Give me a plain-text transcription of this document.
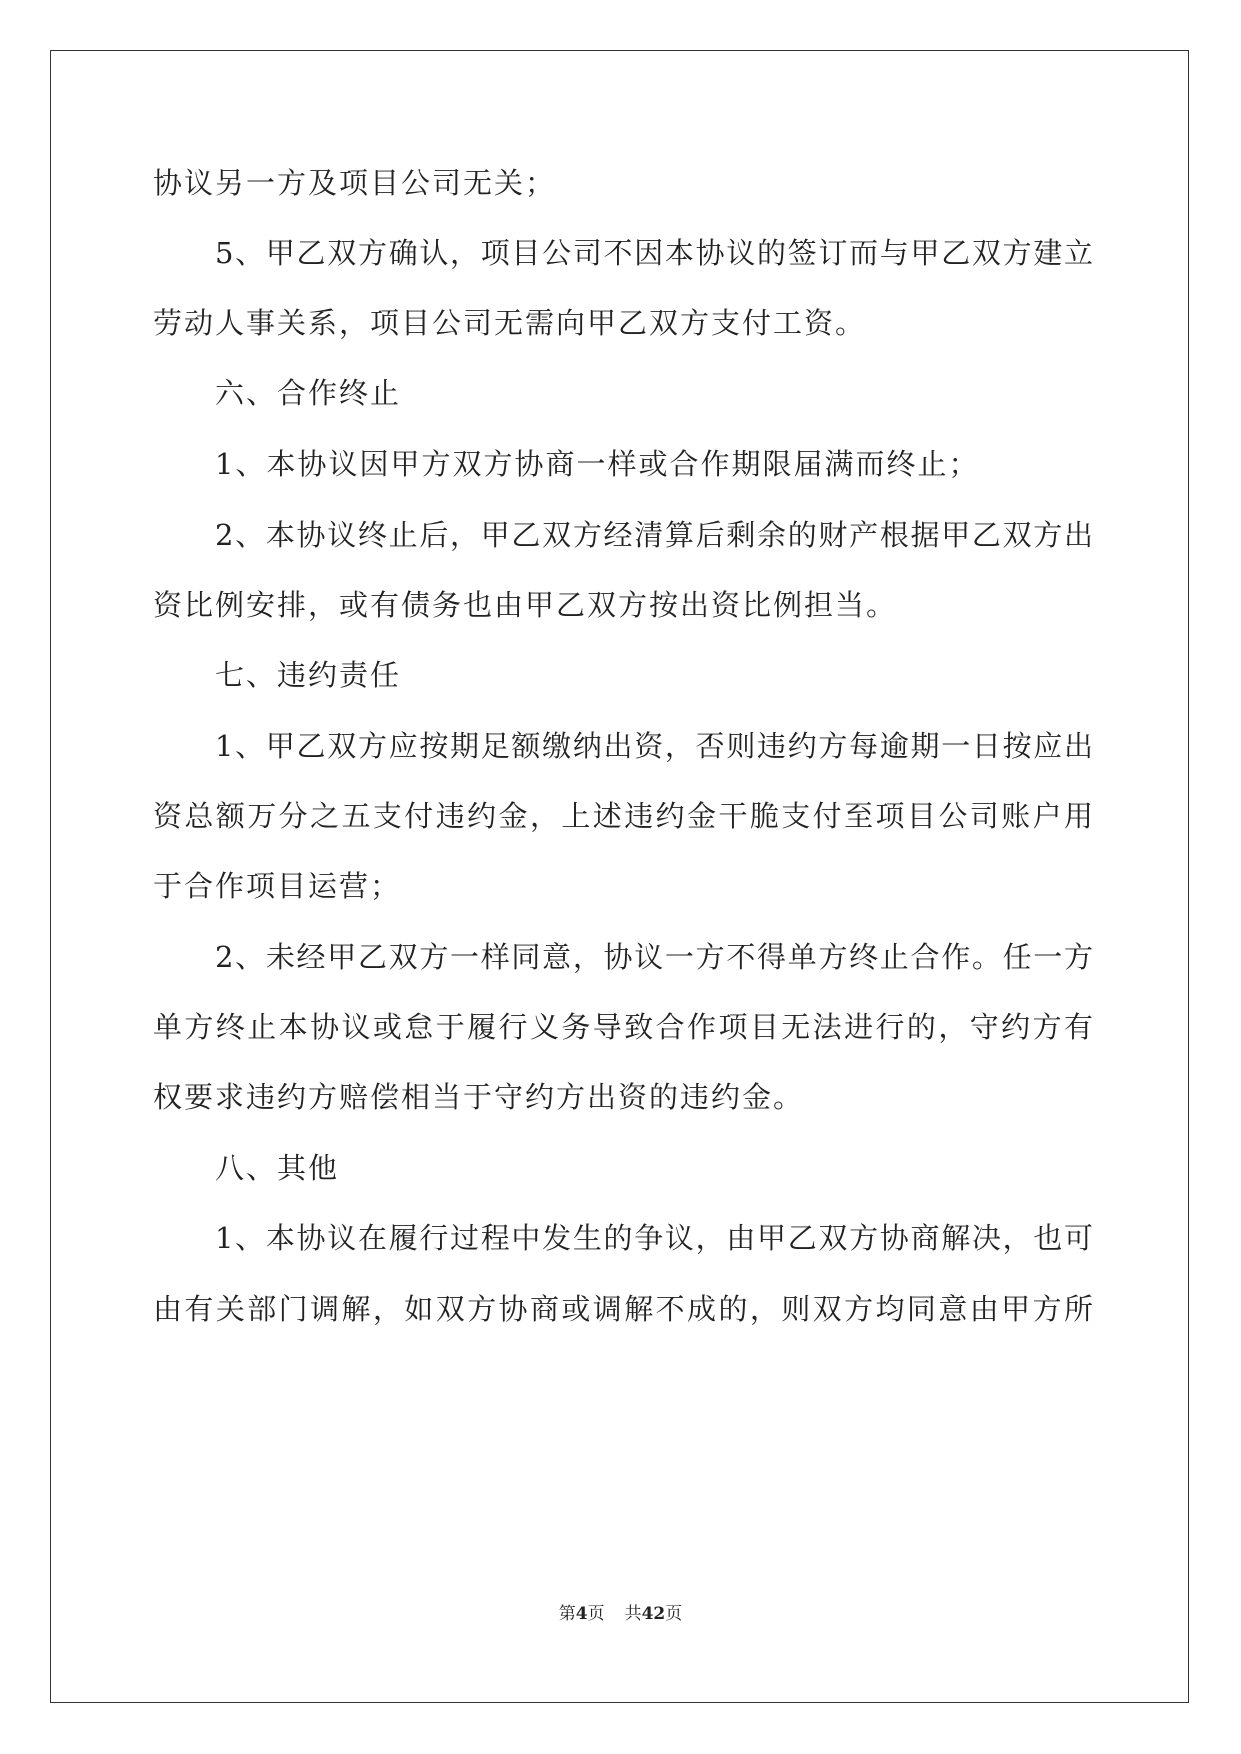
协议另一方及项目公司无关；
5、甲乙双方确认，项目公司不因本协议的签订而与甲乙双方建立
劳动人事关系，项目公司无需向甲乙双方支付工资。
六、合作终止
1、本协议因甲方双方协商一样或合作期限届满而终止；
2、本协议终止后，甲乙双方经清算后剩余的财产根据甲乙双方出
资比例安排，或有债务也由甲乙双方按出资比例担当。
七、违约责任
1、甲乙双方应按期足额缴纳出资，否则违约方每逾期一日按应出
资总额万分之五支付违约金，上述违约金干脆支付至项目公司账户用
于合作项目运营；
2、未经甲乙双方一样同意，协议一方不得单方终止合作。任一方
单方终止本协议或怠于履行义务导致合作项目无法进行的，守约方有
权要求违约方赔偿相当于守约方出资的违约金。
八、其他
1、本协议在履行过程中发生的争议，由甲乙双方协商解决，也可
由有关部门调解，如双方协商或调解不成的，则双方均同意由甲方所
第4页 共42页
